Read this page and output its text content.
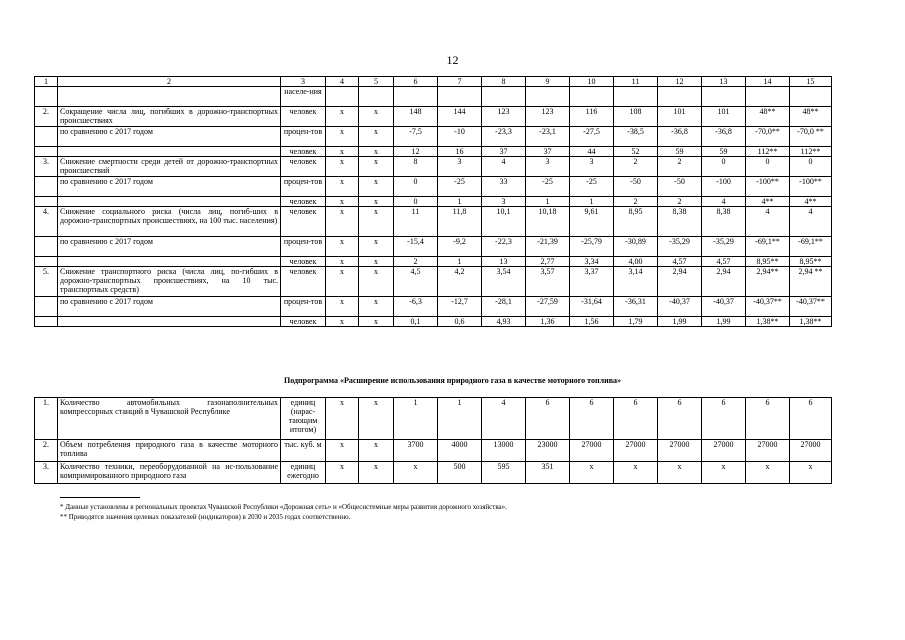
12
1	2	3	4	5	6	7	8	9	10	11	12	13	14	15
		населе-ния												
2.	Сокращение числа лиц, погибших в дорожно-транспортных происшествиях	человек	х	х	148	144	123	123	116	108	101	101	48**	48**
	по сравнению с 2017 годом	процен-тов	х	х	-7,5	-10	-23,3	-23,1	-27,5	-38,5	-36,8	-36,8	-70,0**	-70,0 **
		человек	х	х	12	16	37	37	44	52	59	59	112**	112**
3.	Снижение смертности среди детей от дорожно-транспортных происшествий	человек	х	х	8	3	4	3	3	2	2	0	0	0
	по сравнению с 2017 годом	процен-тов	х	х	0	-25	33	-25	-25	-50	-50	-100	-100**	-100**
		человек	х	х	0	1	3	1	1	2	2	4	4**	4**
4.	Снижение социального риска (числа лиц, погиб-ших в дорожно-транспортных происшествиях, на 100 тыс. населения)	человек	х	х	11	11,8	10,1	10,18	9,61	8,95	8,38	8,38	4	4
	по сравнению с 2017 годом	процен-тов	х	х	-15,4	-9,2	-22,3	-21,39	-25,79	-30,89	-35,29	-35,29	-69,1**	-69,1**
		человек	х	х	2	1	13	2,77	3,34	4,00	4,57	4,57	8,95**	8,95**
5.	Снижение транспортного риска (числа лиц, по-гибших в дорожно-транспортных происшествиях, на 10 тыс. транспортных средств)	человек	х	х	4,5	4,2	3,54	3,57	3,37	3,14	2,94	2,94	2,94**	2,94 **
	по сравнению с 2017 годом	процен-тов	х	х	-6,3	-12,7	-28,1	-27,59	-31,64	-36,31	-40,37	-40,37	-40,37**	-40,37**
		человек	х	х	0,1	0,6	4,93	1,36	1,56	1,79	1,99	1,99	1,38**	1,38**
Подпрограмма «Расширение использования природного газа в качестве моторного топлива»
1.	Количество автомобильных газонаполнительных компрессорных станций в Чувашской Республике	единиц (нарас-тающим итогом)	х	х	1	1	4	6	6	6	6	6	6	6
2.	Объем потребления природного газа в качестве моторного топлива	тыс. куб. м	х	х	3700	4000	13000	23000	27000	27000	27000	27000	27000	27000
3.	Количество техники, переоборудованной на ис-пользование компримированного природного газа	единиц ежегодно	х	х	х	500	595	351	х	х	х	х	х	х
* Данные установлены в региональных проектах Чувашской Республики «Дорожная сеть» и «Общесистемные меры развития дорожного хозяйства».
** Приводятся значения целевых показателей (индикаторов) в 2030 и 2035 годах соответственно.
